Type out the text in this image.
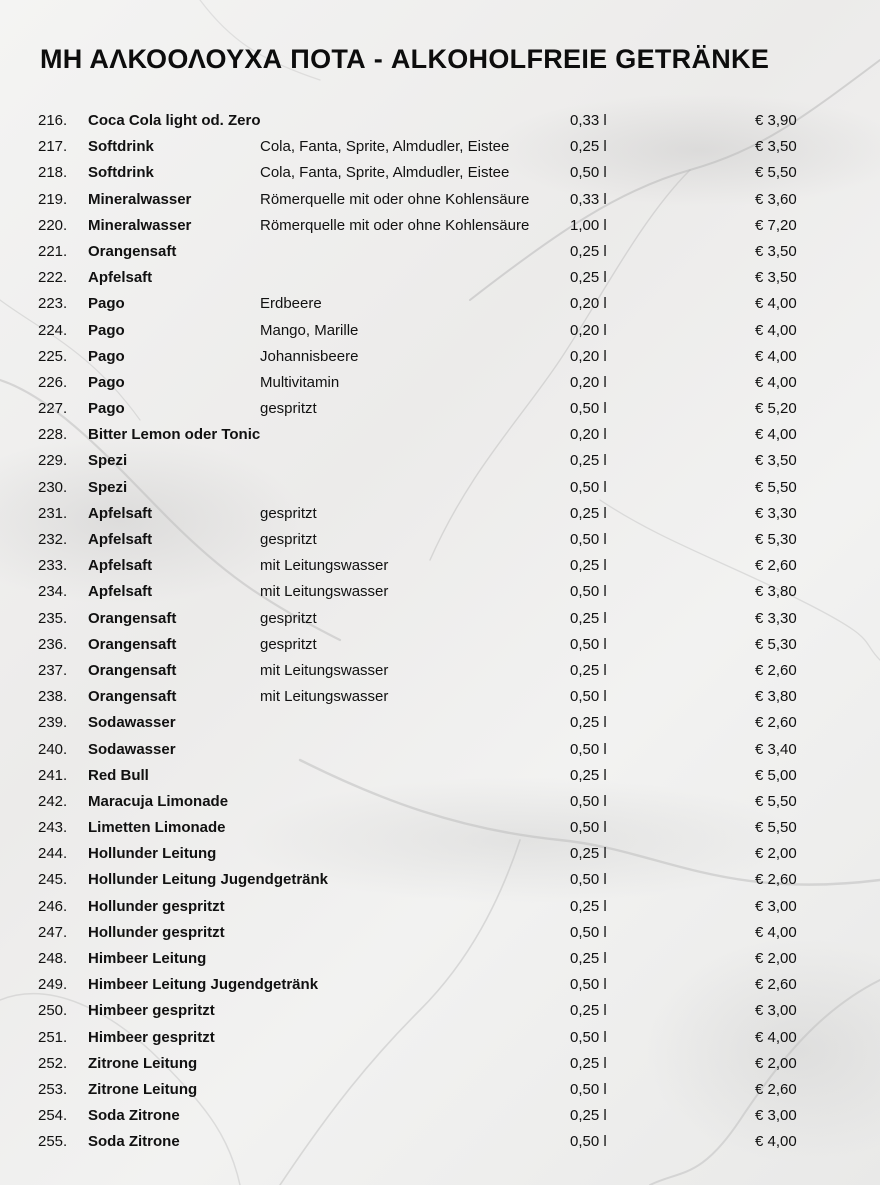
ΜΗ ΑΛΚΟΟΛΟΥΧΑ ΠΟΤΑ - ALKOHOLFREIE GETRÄNKE
216. Coca Cola light od. Zero	0,33 l	€ 3,90
217. Softdrink	Cola, Fanta, Sprite, Almdudler, Eistee	0,25 l	€ 3,50
218. Softdrink	Cola, Fanta, Sprite, Almdudler, Eistee	0,50 l	€ 5,50
219. Mineralwasser	Römerquelle mit oder ohne Kohlensäure	0,33 l	€ 3,60
220. Mineralwasser	Römerquelle mit oder ohne Kohlensäure	1,00 l	€ 7,20
221. Orangensaft	0,25 l	€ 3,50
222. Apfelsaft	0,25 l	€ 3,50
223. Pago	Erdbeere	0,20 l	€ 4,00
224. Pago	Mango, Marille	0,20 l	€ 4,00
225. Pago	Johannisbeere	0,20 l	€ 4,00
226. Pago	Multivitamin	0,20 l	€ 4,00
227. Pago	gespritzt	0,50 l	€ 5,20
228. Bitter Lemon oder Tonic	0,20 l	€ 4,00
229. Spezi	0,25 l	€ 3,50
230. Spezi	0,50 l	€ 5,50
231. Apfelsaft	gespritzt	0,25 l	€ 3,30
232. Apfelsaft	gespritzt	0,50 l	€ 5,30
233. Apfelsaft	mit Leitungswasser	0,25 l	€ 2,60
234. Apfelsaft	mit Leitungswasser	0,50 l	€ 3,80
235. Orangensaft	gespritzt	0,25 l	€ 3,30
236. Orangensaft	gespritzt	0,50 l	€ 5,30
237. Orangensaft	mit Leitungswasser	0,25 l	€ 2,60
238. Orangensaft	mit Leitungswasser	0,50 l	€ 3,80
239. Sodawasser	0,25 l	€ 2,60
240. Sodawasser	0,50 l	€ 3,40
241. Red Bull	0,25 l	€ 5,00
242. Maracuja Limonade	0,50 l	€ 5,50
243. Limetten Limonade	0,50 l	€ 5,50
244. Hollunder Leitung	0,25 l	€ 2,00
245. Hollunder Leitung Jugendgetränk	0,50 l	€ 2,60
246. Hollunder gespritzt	0,25 l	€ 3,00
247. Hollunder gespritzt	0,50 l	€ 4,00
248. Himbeer Leitung	0,25 l	€ 2,00
249. Himbeer Leitung Jugendgetränk	0,50 l	€ 2,60
250. Himbeer gespritzt	0,25 l	€ 3,00
251. Himbeer gespritzt	0,50 l	€ 4,00
252. Zitrone Leitung	0,25 l	€ 2,00
253. Zitrone Leitung	0,50 l	€ 2,60
254. Soda Zitrone	0,25 l	€ 3,00
255. Soda Zitrone	0,50 l	€ 4,00
